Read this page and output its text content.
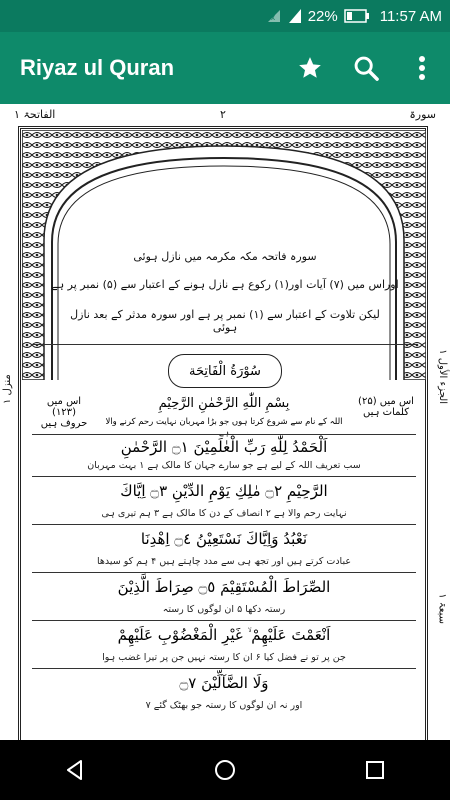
x 22%	11:57 AM
Riyaz ul Quran
سورۃ
۲
الفاتحۃ ۱
الجزء الأول ۱
منزل ۱
سبعۃ ۱
سورہ فاتحہ مکہ مکرمہ میں نازل ہوئی
اوراس میں (۷) آیات اور(۱) رکوع ہے نازل ہونے کے اعتبار سے (۵) نمبر پر ہے
لیکن تلاوت کے اعتبار سے (۱) نمبر پر ہے اور سورہ مدثر کے بعد نازل ہوئی
سُوْرَةُ الْفَاتِحَة
اس میں (۲۵)
کلمات ہیں
اس میں (۱۲۳)
حروف ہیں
بِسْمِ اللّٰهِ الرَّحْمٰنِ الرَّحِيْمِ
اللہ کے نام سے شروع کرتا ہوں جو بڑا مہربان نہایت رحم کرنے والا ہے
اَلْحَمْدُ لِلّٰهِ رَبِّ الْعٰلَمِيْنَ ۝١ الرَّحْمٰنِ
سب تعریف اللہ کے لیے ہے جو سارے جہان کا مالک ہے ۱ بہت مہربان
الرَّحِيْمِ ۝٢ مٰلِكِ يَوْمِ الدِّيْنِ ۝٣ اِيَّاكَ
نہایت رحم والا ہے ۲ انصاف کے دن کا مالک ہے ۳ ہم تیری ہی
نَعْبُدُ وَاِيَّاكَ نَسْتَعِيْنُ ۝٤ اِهْدِنَا
عبادت کرتے ہیں اور تجھ ہی سے مدد چاہتے ہیں ۴ ہم کو سیدھا
الصِّرَاطَ الْمُسْتَقِيْمَ ۝٥ صِرَاطَ الَّذِيْنَ
رستہ دکھا ۵ ان لوگوں کا رستہ
اَنْعَمْتَ عَلَيْهِمْ ۙ غَيْرِ الْمَغْضُوْبِ عَلَيْهِمْ
جن پر تو نے فضل کیا ۶ ان کا رستہ نہیں جن پر تیرا غضب ہوا
وَلَا الضَّآلِّيْنَ ۝٧
اور نہ ان لوگوں کا رستہ جو بھٹک گئے ۷
